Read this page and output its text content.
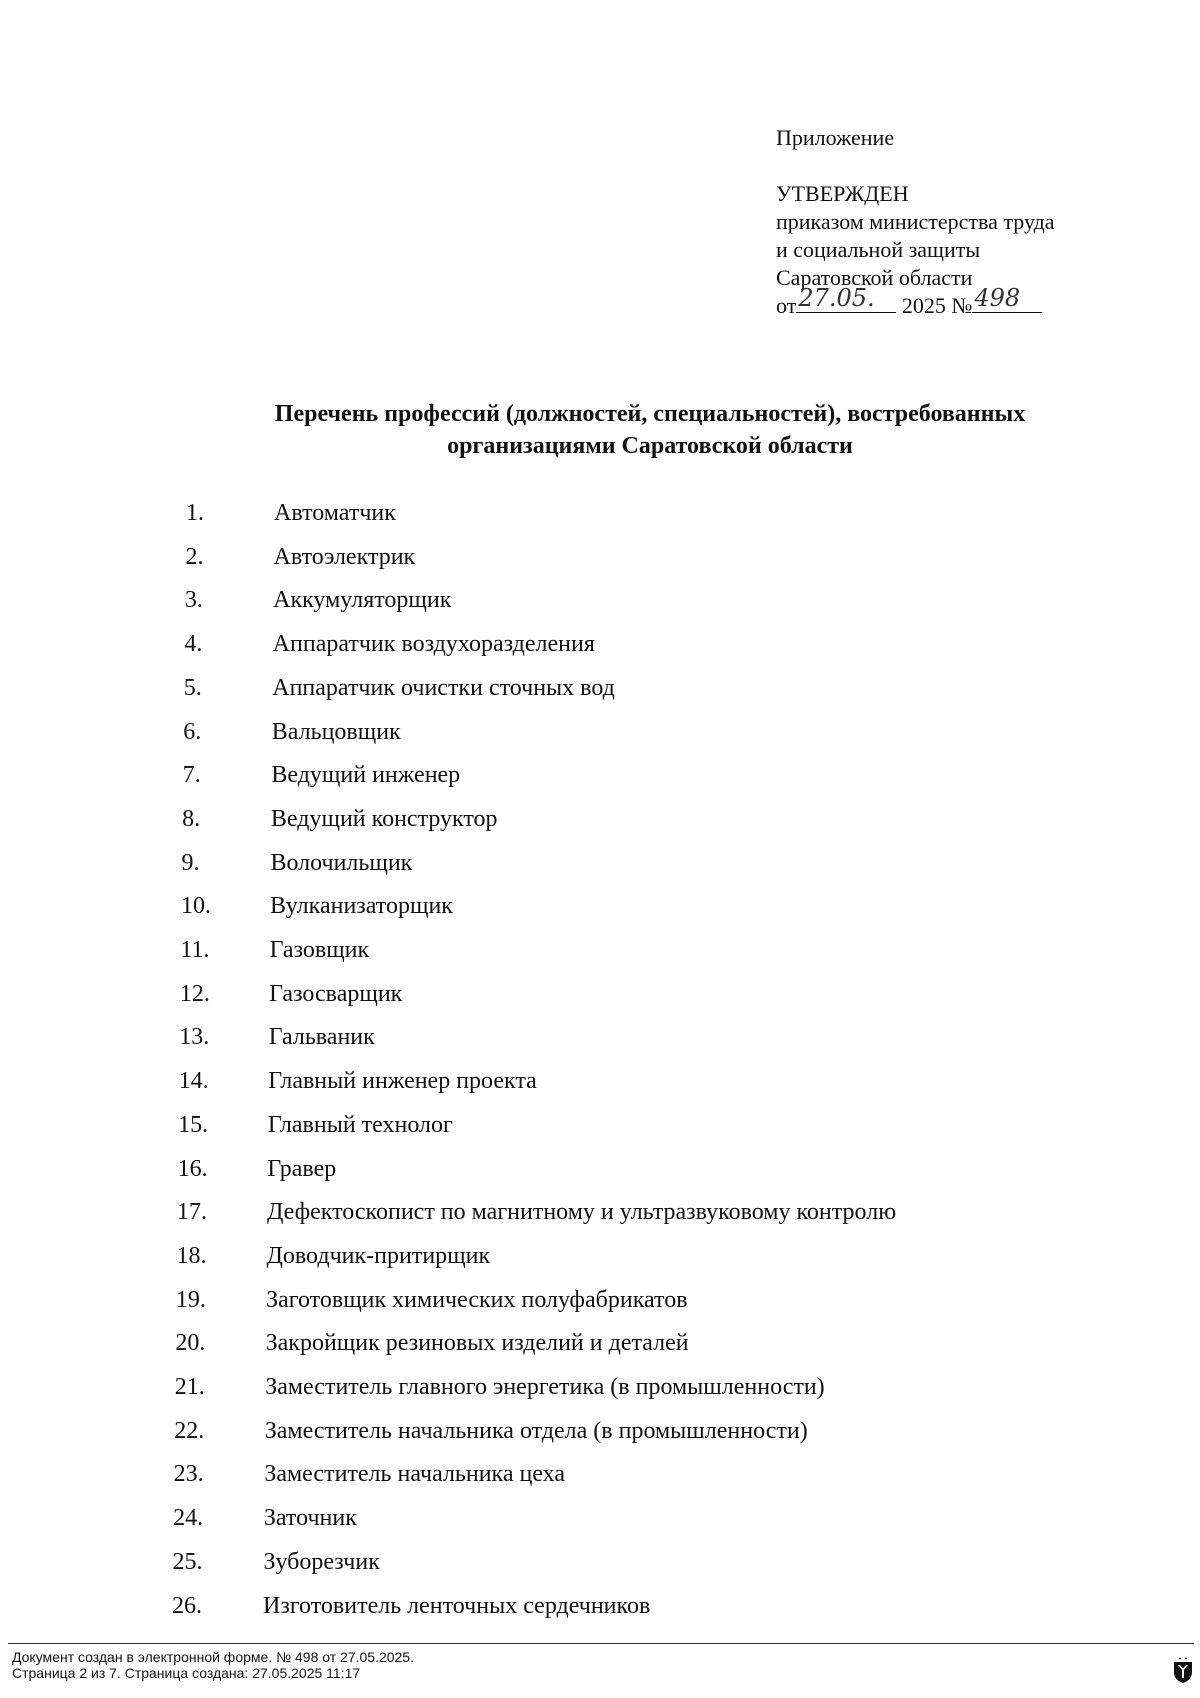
Приложение
УТВЕРЖДЕН
приказом министерства труда
и социальной защиты
Саратовской области
от 27.05. 2025 № 498
Перечень профессий (должностей, специальностей), востребованных
организациями Саратовской области
1.	Автоматчик
2.	Автоэлектрик
3.	Аккумуляторщик
4.	Аппаратчик воздухоразделения
5.	Аппаратчик очистки сточных вод
6.	Вальцовщик
7.	Ведущий инженер
8.	Ведущий конструктор
9.	Волочильщик
10. Вулканизаторщик
11.	Газовщик
12. Газосварщик
13. Гальваник
14. Главный инженер проекта
15. Главный технолог
16. Гравер
17. Дефектоскопист по магнитному и ультразвуковому контролю
18.	Доводчик-притирщик
19.	Заготовщик химических полуфабрикатов
20.	Закройщик резиновых изделий и деталей
21.	Заместитель главного энергетика (в промышленности)
22.	Заместитель начальника отдела (в промышленности)
23.	Заместитель начальника цеха
24.	Заточник
25.	Зуборезчик
26.	Изготовитель ленточных сердечников
Документ создан в электронной форме. № 498 от 27.05.2025.
Страница 2 из 7. Страница создана: 27.05.2025 11:17
